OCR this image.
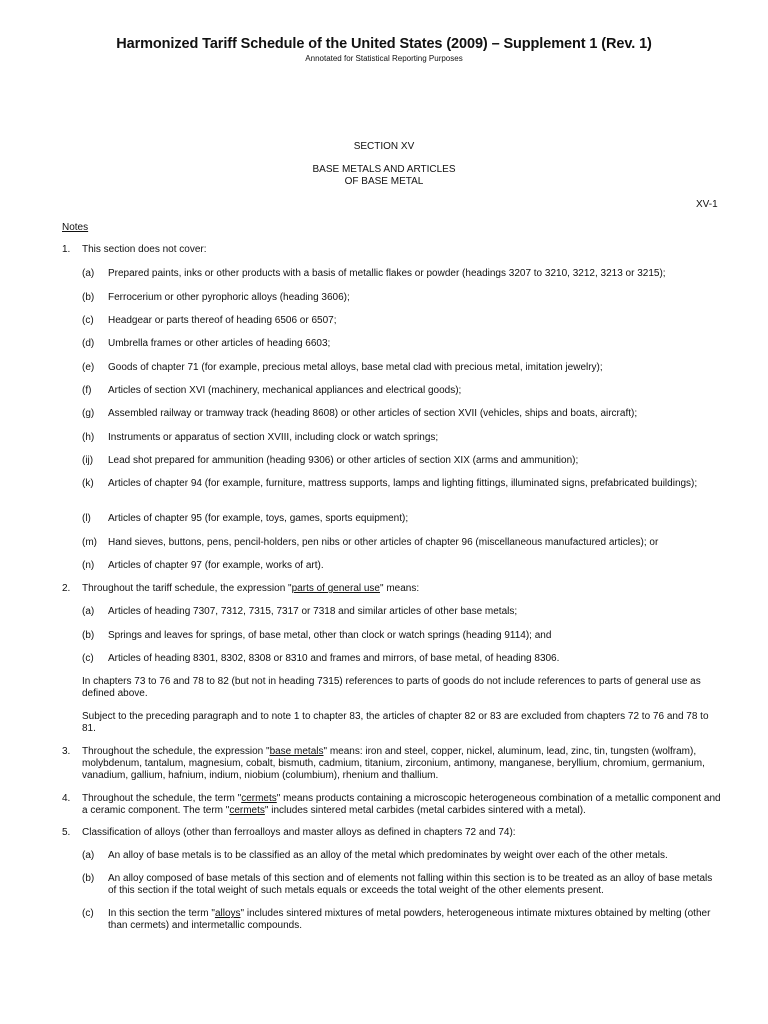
Harmonized Tariff Schedule of the United States (2009) – Supplement 1 (Rev. 1)
Annotated for Statistical Reporting Purposes
SECTION XV
BASE METALS AND ARTICLES
OF BASE METAL
XV-1
Notes
1. This section does not cover:
(a) Prepared paints, inks or other products with a basis of metallic flakes or powder (headings 3207 to 3210, 3212, 3213 or 3215);
(b) Ferrocerium or other pyrophoric alloys (heading 3606);
(c) Headgear or parts thereof of heading 6506 or 6507;
(d) Umbrella frames or other articles of heading 6603;
(e) Goods of chapter 71 (for example, precious metal alloys, base metal clad with precious metal, imitation jewelry);
(f) Articles of section XVI (machinery, mechanical appliances and electrical goods);
(g) Assembled railway or tramway track (heading 8608) or other articles of section XVII (vehicles, ships and boats, aircraft);
(h) Instruments or apparatus of section XVIII, including clock or watch springs;
(ij) Lead shot prepared for ammunition (heading 9306) or other articles of section XIX (arms and ammunition);
(k) Articles of chapter 94 (for example, furniture, mattress supports, lamps and lighting fittings, illuminated signs, prefabricated buildings);
(l) Articles of chapter 95 (for example, toys, games, sports equipment);
(m) Hand sieves, buttons, pens, pencil-holders, pen nibs or other articles of chapter 96 (miscellaneous manufactured articles); or
(n) Articles of chapter 97 (for example, works of art).
2. Throughout the tariff schedule, the expression "parts of general use" means:
(a) Articles of heading 7307, 7312, 7315, 7317 or 7318 and similar articles of other base metals;
(b) Springs and leaves for springs, of base metal, other than clock or watch springs (heading 9114); and
(c) Articles of heading 8301, 8302, 8308 or 8310 and frames and mirrors, of base metal, of heading 8306.
In chapters 73 to 76 and 78 to 82 (but not in heading 7315) references to parts of goods do not include references to parts of general use as defined above.
Subject to the preceding paragraph and to note 1 to chapter 83, the articles of chapter 82 or 83 are excluded from chapters 72 to 76 and 78 to 81.
3. Throughout the schedule, the expression "base metals" means: iron and steel, copper, nickel, aluminum, lead, zinc, tin, tungsten (wolfram), molybdenum, tantalum, magnesium, cobalt, bismuth, cadmium, titanium, zirconium, antimony, manganese, beryllium, chromium, germanium, vanadium, gallium, hafnium, indium, niobium (columbium), rhenium and thallium.
4. Throughout the schedule, the term "cermets" means products containing a microscopic heterogeneous combination of a metallic component and a ceramic component. The term "cermets" includes sintered metal carbides (metal carbides sintered with a metal).
5. Classification of alloys (other than ferroalloys and master alloys as defined in chapters 72 and 74):
(a) An alloy of base metals is to be classified as an alloy of the metal which predominates by weight over each of the other metals.
(b) An alloy composed of base metals of this section and of elements not falling within this section is to be treated as an alloy of base metals of this section if the total weight of such metals equals or exceeds the total weight of the other elements present.
(c) In this section the term "alloys" includes sintered mixtures of metal powders, heterogeneous intimate mixtures obtained by melting (other than cermets) and intermetallic compounds.
